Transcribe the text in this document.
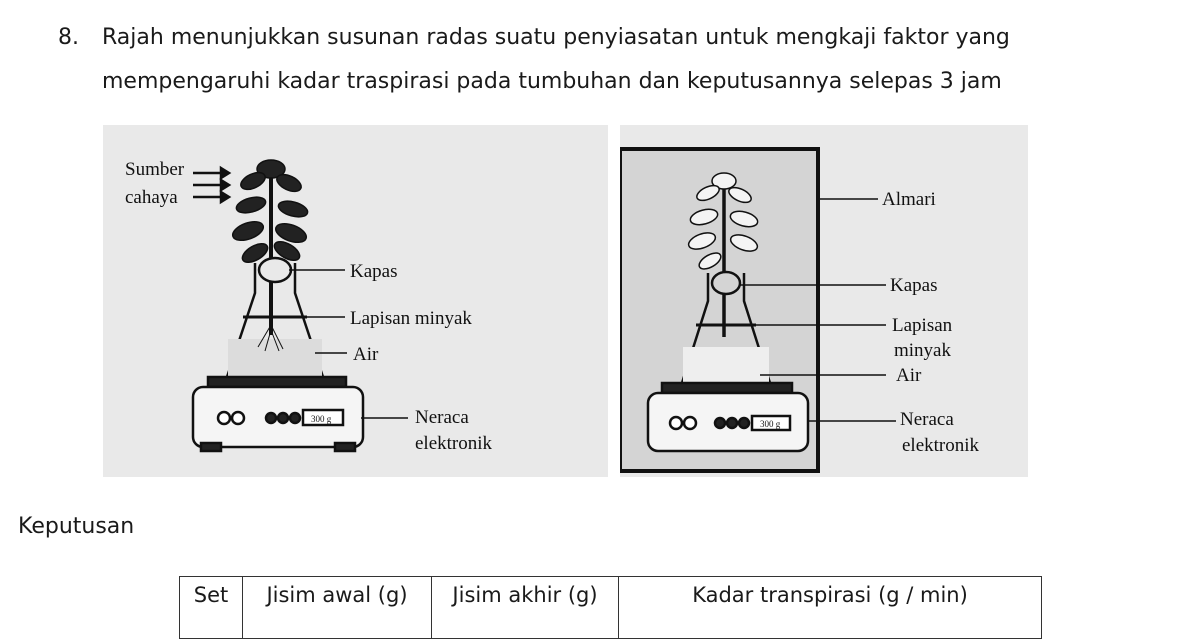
8. Rajah menunjukkan susunan radas suatu penyiasatan untuk mengkaji faktor yang
mempengaruhi kadar traspirasi pada tumbuhan dan keputusannya selepas 3 jam
Sumber
cahaya
300 g
Kapas
Lapisan minyak
Air
Neraca
elektronik
300 g
Almari
Kapas
Lapisan
minyak
Air
Neraca
elektronik
Keputusan
Set	Jisim awal (g)	Jisim akhir (g)	Kadar transpirasi (g / min)
